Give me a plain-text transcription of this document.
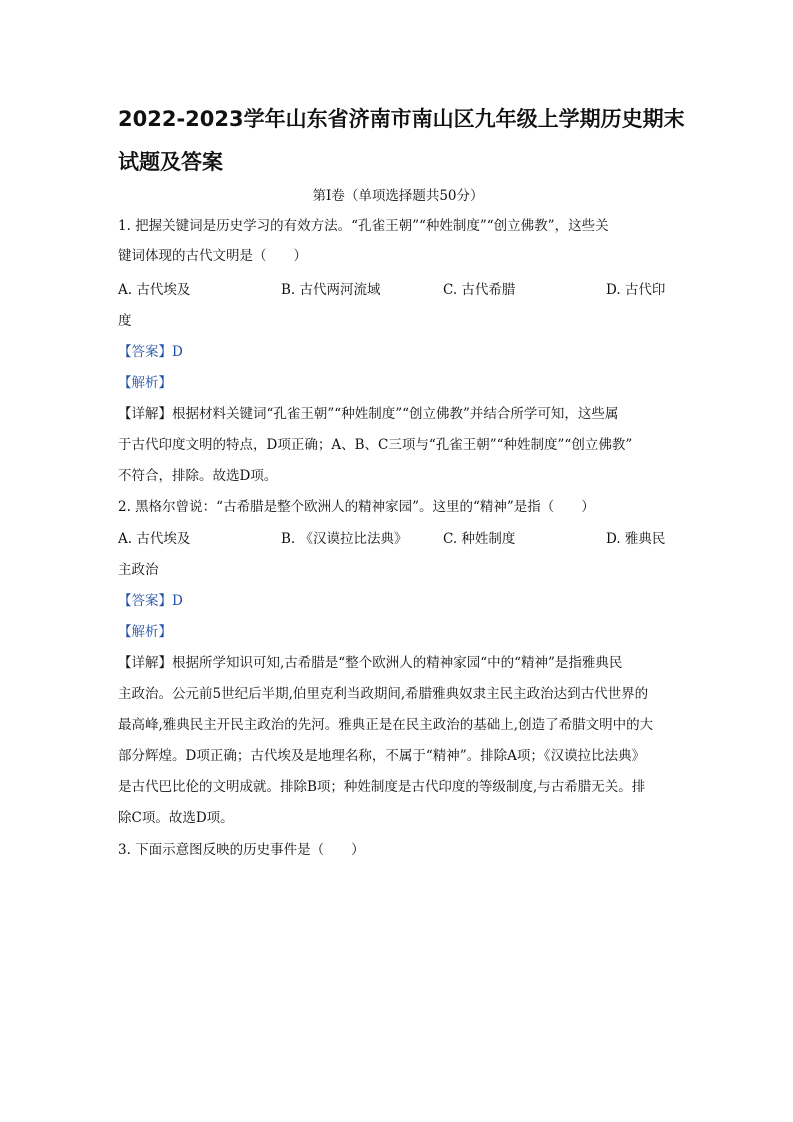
2022-2023学年山东省济南市南山区九年级上学期历史期末
试题及答案
第Ⅰ卷（单项选择题共50分）
1. 把握关键词是历史学习的有效方法。“孔雀王朝”“种姓制度”“创立佛教”，这些关
键词体现的古代文明是（　　）
A. 古代埃及	B. 古代两河流域	C. 古代希腊	D. 古代印
度
【答案】D
【解析】
【详解】根据材料关键词“孔雀王朝”“种姓制度”“创立佛教”并结合所学可知，这些属
于古代印度文明的特点，D项正确；A、B、C三项与“孔雀王朝”“种姓制度”“创立佛教”
不符合，排除。故选D项。
2. 黑格尔曾说：“古希腊是整个欧洲人的精神家园”。这里的“精神”是指（　　）
A. 古代埃及	B. 《汉谟拉比法典》	C. 种姓制度	D. 雅典民
主政治
【答案】D
【解析】
【详解】根据所学知识可知,古希腊是“整个欧洲人的精神家园“中的“精神”是指雅典民
主政治。公元前5世纪后半期,伯里克利当政期间,希腊雅典奴隶主民主政治达到古代世界的
最高峰,雅典民主开民主政治的先河。雅典正是在民主政治的基础上,创造了希腊文明中的大
部分辉煌。D项正确；古代埃及是地理名称，不属于“精神”。排除A项；《汉谟拉比法典》
是古代巴比伦的文明成就。排除B项；种姓制度是古代印度的等级制度,与古希腊无关。排
除C项。故选D项。
3. 下面示意图反映的历史事件是（　　）
